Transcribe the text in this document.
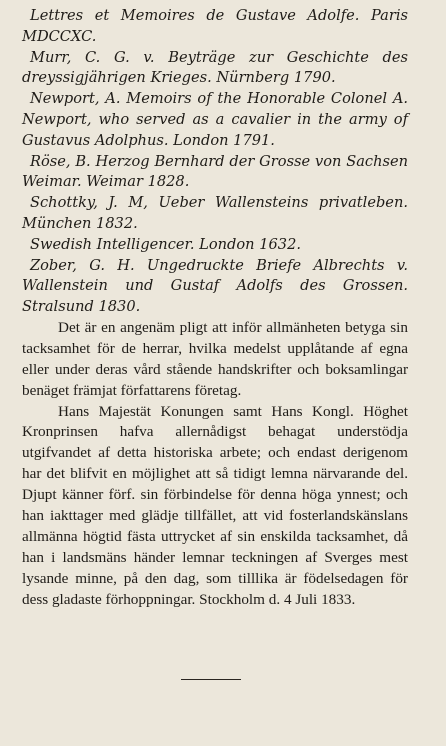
Lettres et Memoires de Gustave Adolfe. Paris MDCCXC.

Murr, C. G. v. Beyträge zur Geschichte des dreyssigjährigen Krieges. Nürnberg 1790.

Newport, A. Memoirs of the Honorable Colonel A. Newport, who served as a cavalier in the army of Gustavus Adolphus. London 1791.

Röse, B. Herzog Bernhard der Grosse von Sachsen Weimar. Weimar 1828.

Schottky, J. M, Ueber Wallensteins privatleben. München 1832.

Swedish Intelligencer. London 1632.

Zober, G. H. Ungedruckte Briefe Albrechts v. Wallenstein und Gustaf Adolfs des Grossen. Stralsund 1830.

Det är en angenäm pligt att inför allmänheten betyga sin tacksamhet för de herrar, hvilka medelst upplåtande af egna eller under deras vård stående handskrifter och boksamlingar benäget främjat författarens företag.

Hans Majestät Konungen samt Hans Kongl. Höghet Kronprinsen hafva allernådigst behagat understödja utgifvandet af detta historiska arbete; och endast derigenom har det blifvit en möjlighet att så tidigt lemna närvarande del. Djupt känner förf. sin förbindelse för denna höga ynnest; och han iakttager med glädje tillfället, att vid fosterlandskänslans allmänna högtid fästa uttrycket af sin enskilda tacksamhet, då han i landsmäns händer lemnar teckningen af Sverges mest lysande minne, på den dag, som tilllika är födelsedagen för dess gladaste förhoppningar. Stockholm d. 4 Juli 1833.
